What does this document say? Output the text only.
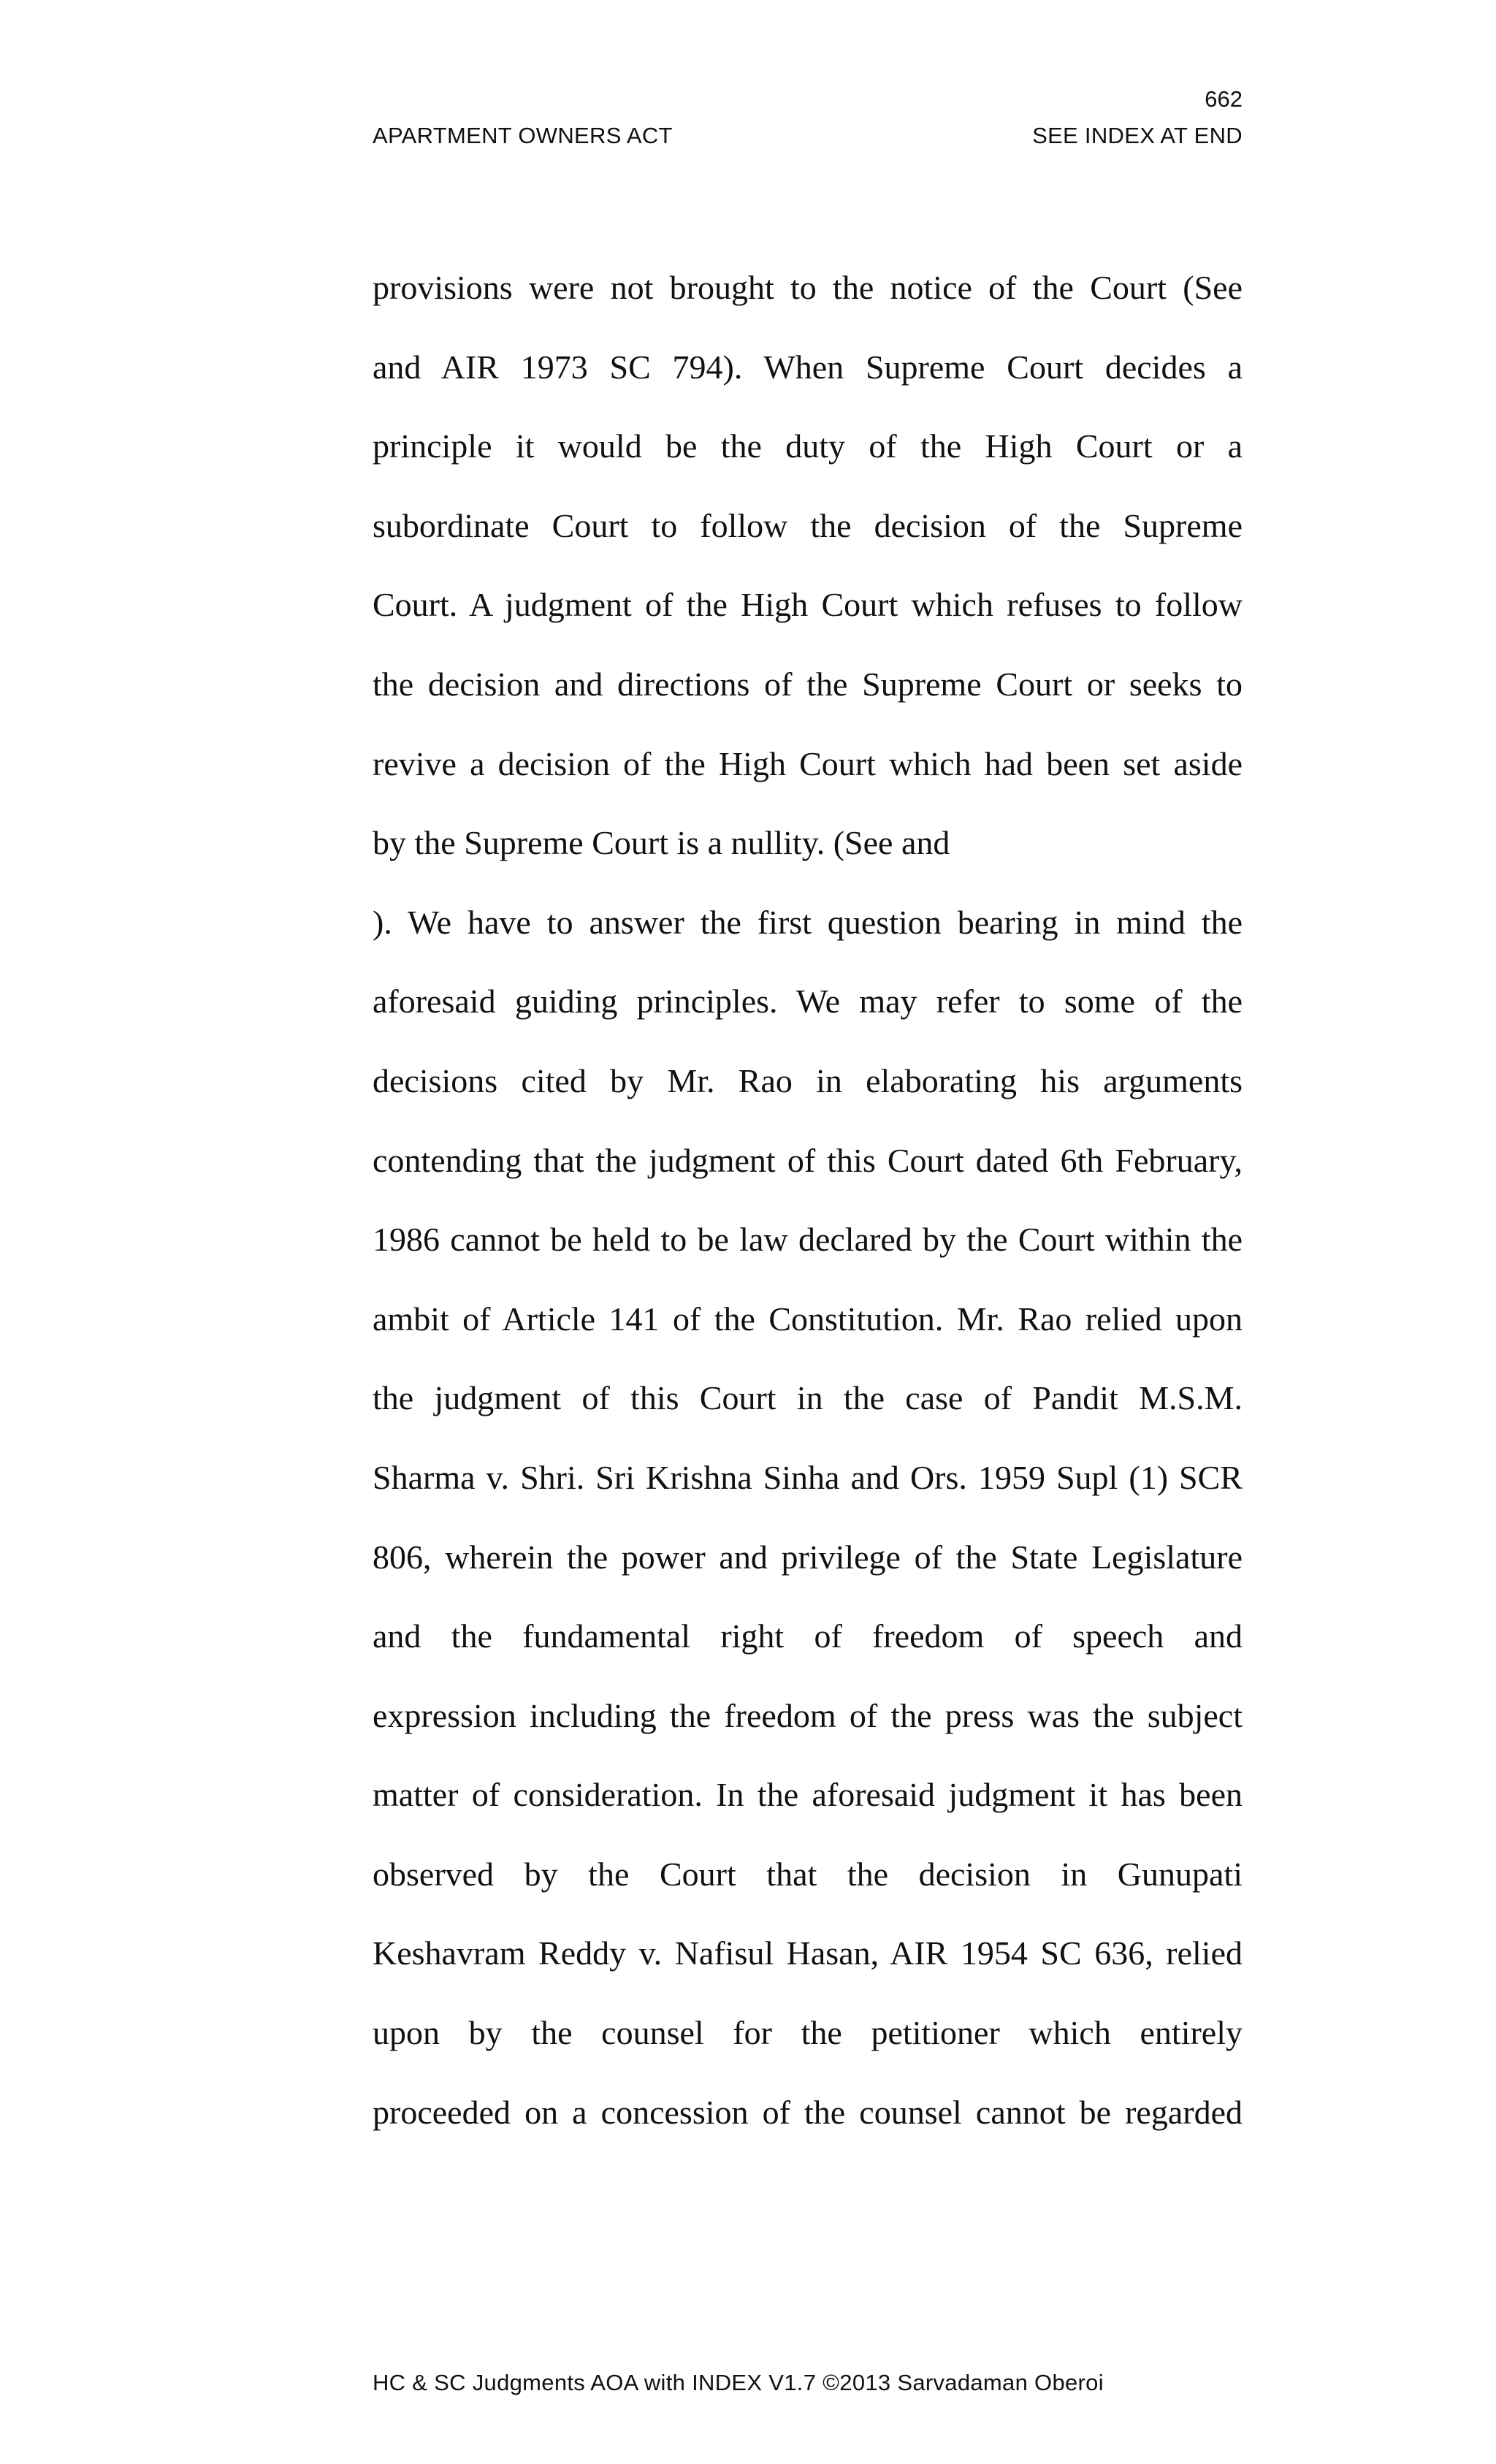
662
APARTMENT OWNERS ACT	SEE INDEX AT END
provisions were not brought to the notice of the Court (See
and AIR 1973 SC 794). When Supreme Court decides a
principle it would be the duty of the High Court or a
subordinate Court to follow the decision of the Supreme
Court. A judgment of the High Court which refuses to follow
the decision and directions of the Supreme Court or seeks to
revive a decision of the High Court which had been set aside
by the Supreme Court is a nullity. (See and
). We have to answer the first question bearing in mind the
aforesaid guiding principles. We may refer to some of the
decisions cited by Mr. Rao in elaborating his arguments
contending that the judgment of this Court dated 6th February,
1986 cannot be held to be law declared by the Court within the
ambit of Article 141 of the Constitution. Mr. Rao relied upon
the judgment of this Court in the case of Pandit M.S.M.
Sharma v. Shri. Sri Krishna Sinha and Ors. 1959 Supl (1) SCR
806, wherein the power and privilege of the State Legislature
and the fundamental right of freedom of speech and
expression including the freedom of the press was the subject
matter of consideration. In the aforesaid judgment it has been
observed by the Court that the decision in Gunupati
Keshavram Reddy v. Nafisul Hasan, AIR 1954 SC 636, relied
upon by the counsel for the petitioner which entirely
proceeded on a concession of the counsel cannot be regarded
HC & SC Judgments AOA with INDEX V1.7 ©2013 Sarvadaman Oberoi
